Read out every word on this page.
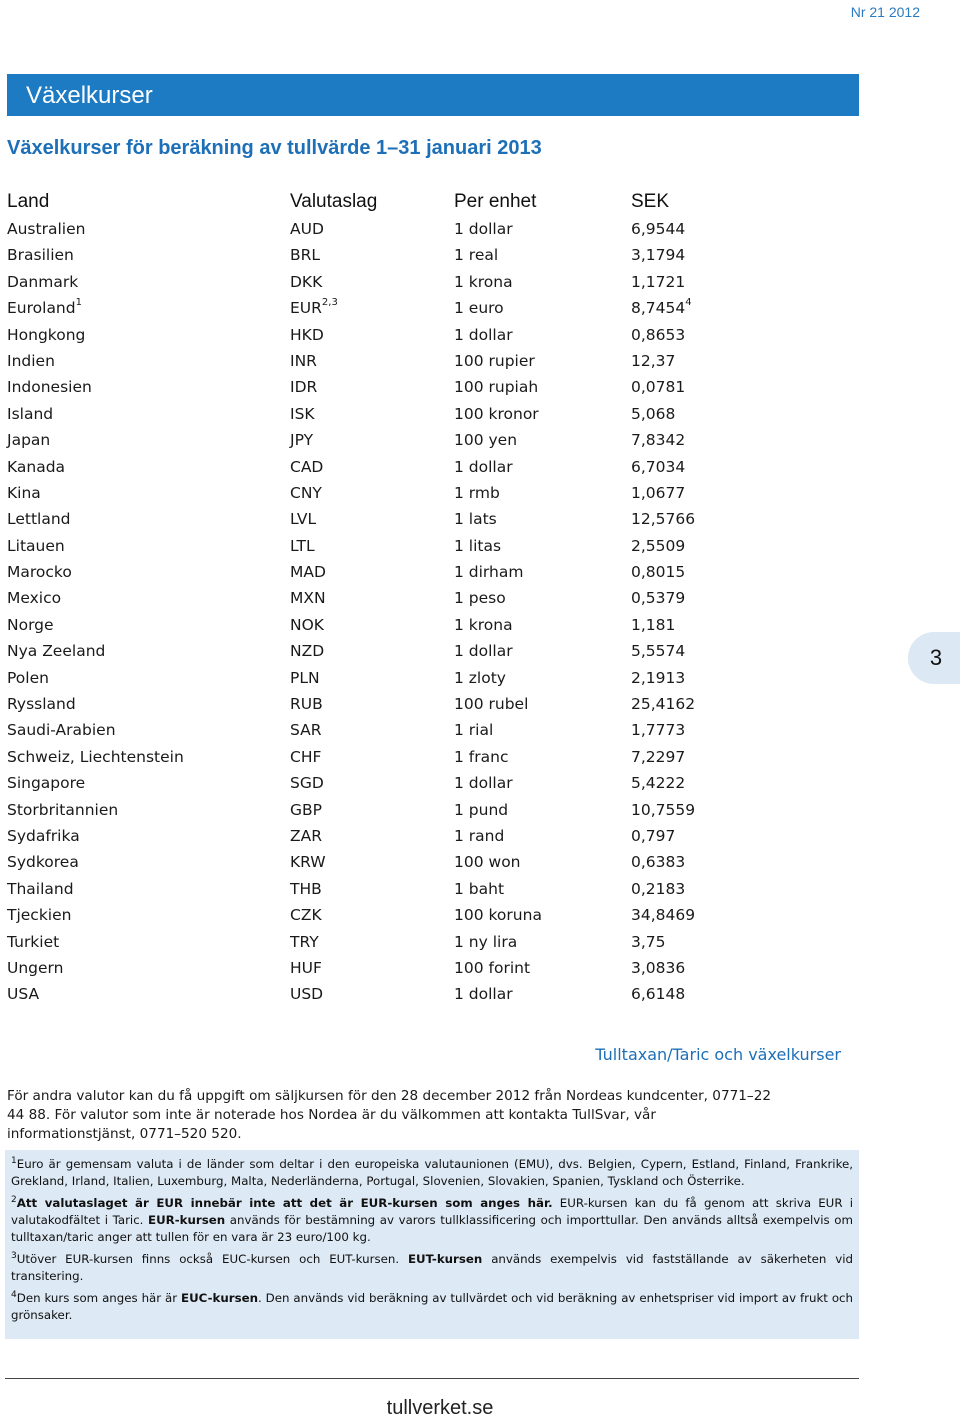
Nr 21 2012
Växelkurser
Växelkurser för beräkning av tullvärde 1–31 januari 2013
Land	Valutaslag	Per enhet	SEK
Australien	AUD	1 dollar	6,9544
Brasilien	BRL	1 real	3,1794
Danmark	DKK	1 krona	1,1721
Euroland$^1$	EUR$^{2,3}$	1 euro	8,7454$^4$
Hongkong	HKD	1 dollar	0,8653
Indien	INR	100 rupier	12,37
Indonesien	IDR	100 rupiah	0,0781
Island	ISK	100 kronor	5,068
Japan	JPY	100 yen	7,8342
Kanada	CAD	1 dollar	6,7034
Kina	CNY	1 rmb	1,0677
Lettland	LVL	1 lats	12,5766
Litauen	LTL	1 litas	2,5509
Marocko	MAD	1 dirham	0,8015
Mexico	MXN	1 peso	0,5379
Norge	NOK	1 krona	1,181
Nya Zeeland	NZD	1 dollar	5,5574
Polen	PLN	1 zloty	2,1913
Ryssland	RUB	100 rubel	25,4162
Saudi-Arabien	SAR	1 rial	1,7773
Schweiz, Liechtenstein	CHF	1 franc	7,2297
Singapore	SGD	1 dollar	5,4222
Storbritannien	GBP	1 pund	10,7559
Sydafrika	ZAR	1 rand	0,797
Sydkorea	KRW	100 won	0,6383
Thailand	THB	1 baht	0,2183
Tjeckien	CZK	100 koruna	34,8469
Turkiet	TRY	1 ny lira	3,75
Ungern	HUF	100 forint	3,0836
USA	USD	1 dollar	6,6148
3
Tulltaxan/Taric och växelkurser
För andra valutor kan du få uppgift om säljkursen för den 28 december 2012 från Nordeas kundcenter, 0771–22 44 88. För valutor som inte är noterade hos Nordea är du välkommen att kontakta TullSvar, vår informationstjänst, 0771–520 520.
$^1$Euro är gemensam valuta i de länder som deltar i den europeiska valutaunionen (EMU), dvs. Belgien, Cypern, Estland, Finland, Frankrike, Grekland, Irland, Italien, Luxemburg, Malta, Nederländerna, Portugal, Slovenien, Slovakien, Spanien, Tyskland och Österrike.
$^2$Att valutaslaget är EUR innebär inte att det är EUR-kursen som anges här. EUR-kursen kan du få genom att skriva EUR i valutakodfältet i Taric. EUR-kursen används för bestämning av varors tullklassificering och importtullar. Den används alltså exempelvis om tulltaxan/taric anger att tullen för en vara är 23 euro/100 kg.
$^3$Utöver EUR-kursen finns också EUC-kursen och EUT-kursen. EUT-kursen används exempelvis vid fastställande av säkerheten vid transitering.
$^4$Den kurs som anges här är EUC-kursen. Den används vid beräkning av tullvärdet och vid beräkning av enhetspriser vid import av frukt och grönsaker.
tullverket.se
